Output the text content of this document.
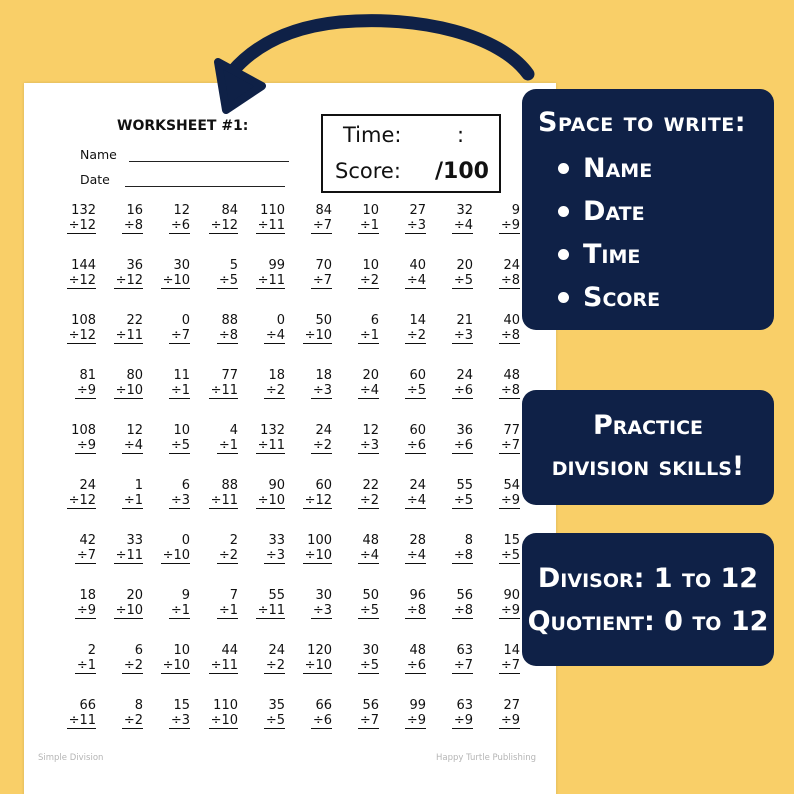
WORKSHEET #1:
Name
Date
Time:	:
Score: /100
132
÷12
16
÷8
12
÷6
84
÷12
110
÷11
84
÷7
10
÷1
27
÷3
32
÷4
9
÷9
144
÷12
36
÷12
30
÷10
5
÷5
99
÷11
70
÷7
10
÷2
40
÷4
20
÷5
24
÷8
108
÷12
22
÷11
0
÷7
88
÷8
0
÷4
50
÷10
6
÷1
14
÷2
21
÷3
40
÷8
81
÷9
80
÷10
11
÷1
77
÷11
18
÷2
18
÷3
20
÷4
60
÷5
24
÷6
48
÷8
108
÷9
12
÷4
10
÷5
4
÷1
132
÷11
24
÷2
12
÷3
60
÷6
36
÷6
77
÷7
24
÷12
1
÷1
6
÷3
88
÷11
90
÷10
60
÷12
22
÷2
24
÷4
55
÷5
54
÷9
42
÷7
33
÷11
0
÷10
2
÷2
33
÷3
100
÷10
48
÷4
28
÷4
8
÷8
15
÷5
18
÷9
20
÷10
9
÷1
7
÷1
55
÷11
30
÷3
50
÷5
96
÷8
56
÷8
90
÷9
2
÷1
6
÷2
10
÷10
44
÷11
24
÷2
120
÷10
30
÷5
48
÷6
63
÷7
14
÷7
66
÷11
8
÷2
15
÷3
110
÷10
35
÷5
66
÷6
56
÷7
99
÷9
63
÷9
27
÷9
Simple Division	Happy Turtle Publishing
Space to write:
Name
Date
Time
Score
Practice
division skills!
Divisor: 1 to 12
Quotient: 0 to 12
